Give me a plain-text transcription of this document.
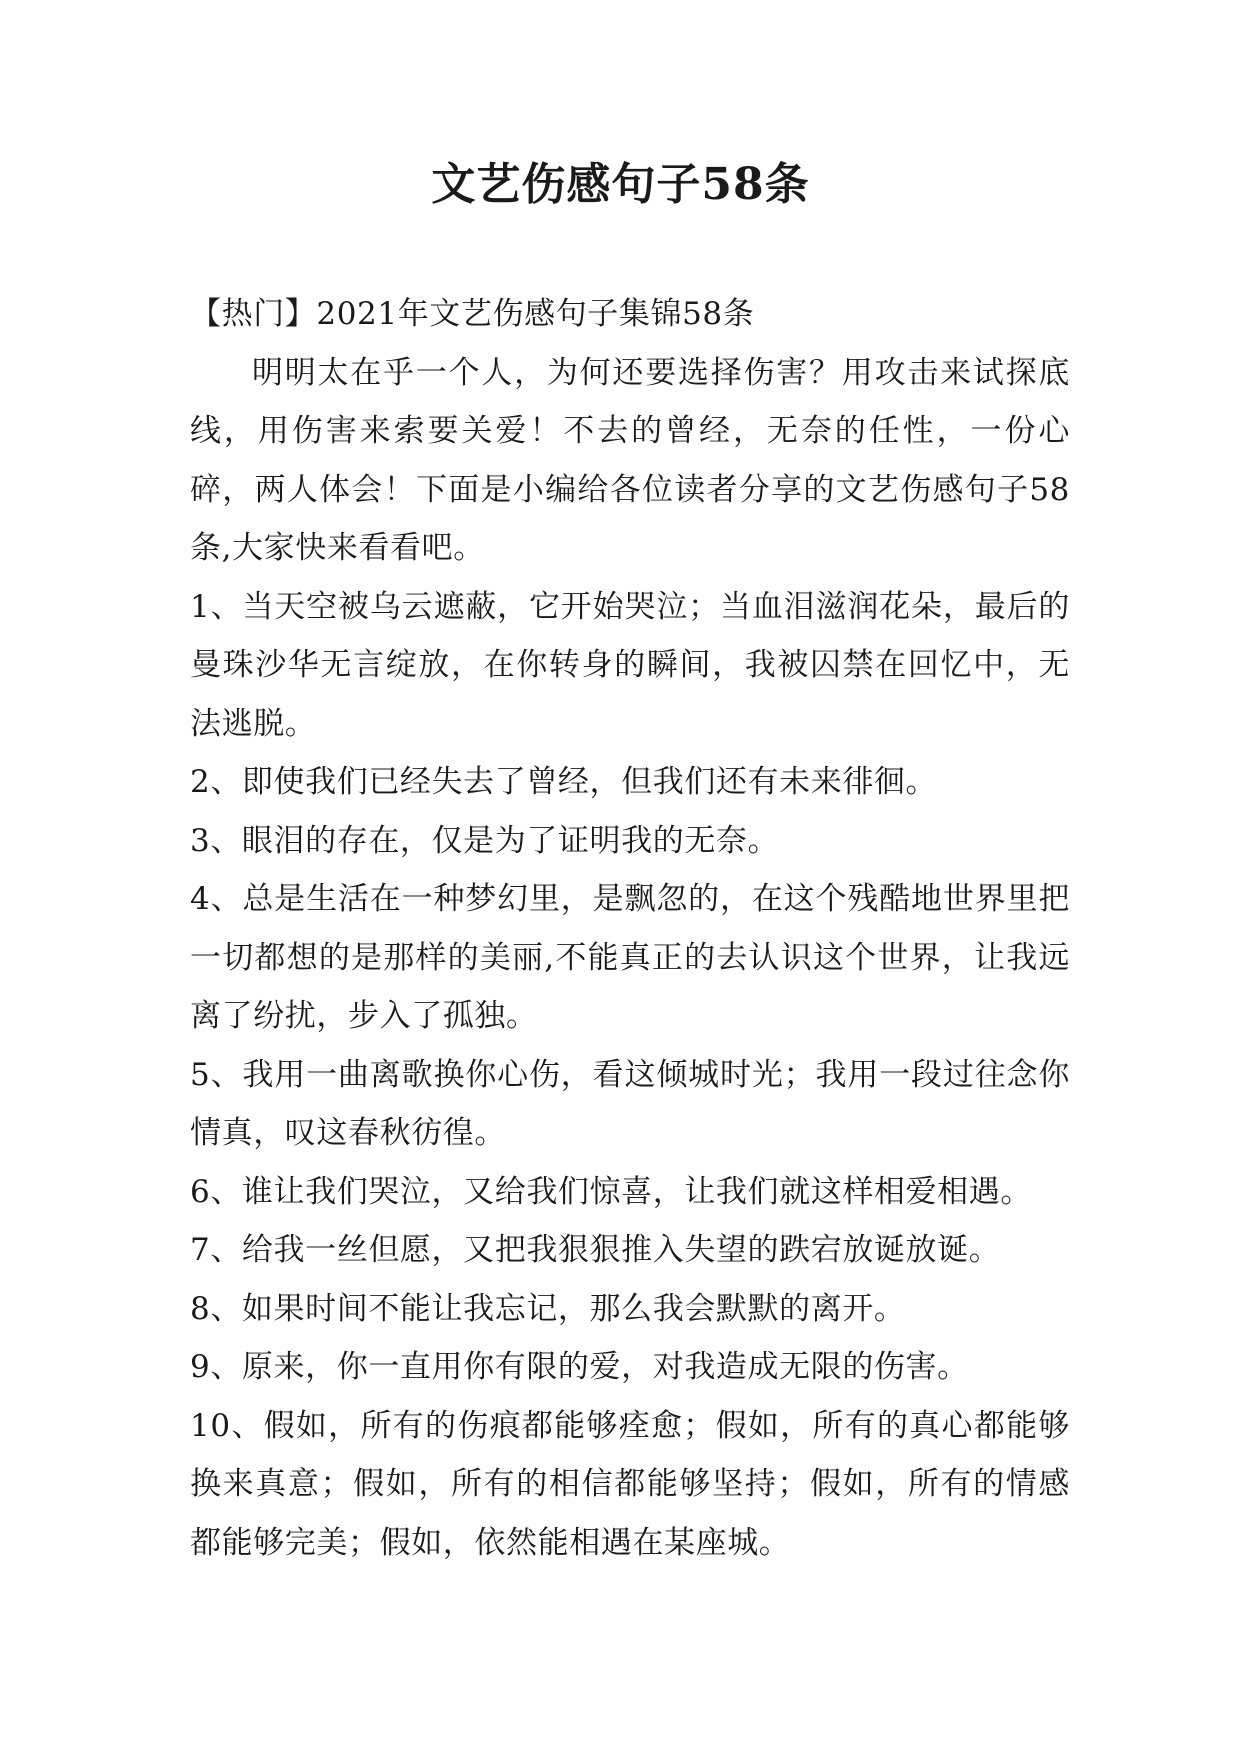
文艺伤感句子58条

【热门】2021年文艺伤感句子集锦58条

明明太在乎一个人，为何还要选择伤害？用攻击来试探底线，用伤害来索要关爱！不去的曾经，无奈的任性，一份心碎，两人体会！下面是小编给各位读者分享的文艺伤感句子58条,大家快来看看吧。

1、当天空被乌云遮蔽，它开始哭泣；当血泪滋润花朵，最后的曼珠沙华无言绽放，在你转身的瞬间，我被囚禁在回忆中，无法逃脱。

2、即使我们已经失去了曾经，但我们还有未来徘徊。

3、眼泪的存在，仅是为了证明我的无奈。

4、总是生活在一种梦幻里，是飘忽的，在这个残酷地世界里把一切都想的是那样的美丽,不能真正的去认识这个世界，让我远离了纷扰，步入了孤独。

5、我用一曲离歌换你心伤，看这倾城时光；我用一段过往念你情真，叹这春秋彷徨。

6、谁让我们哭泣，又给我们惊喜，让我们就这样相爱相遇。

7、给我一丝但愿，又把我狠狠推入失望的跌宕放诞放诞。

8、如果时间不能让我忘记，那么我会默默的离开。

9、原来，你一直用你有限的爱，对我造成无限的伤害。

10、假如，所有的伤痕都能够痊愈；假如，所有的真心都能够换来真意；假如，所有的相信都能够坚持；假如，所有的情感都能够完美；假如，依然能相遇在某座城。
